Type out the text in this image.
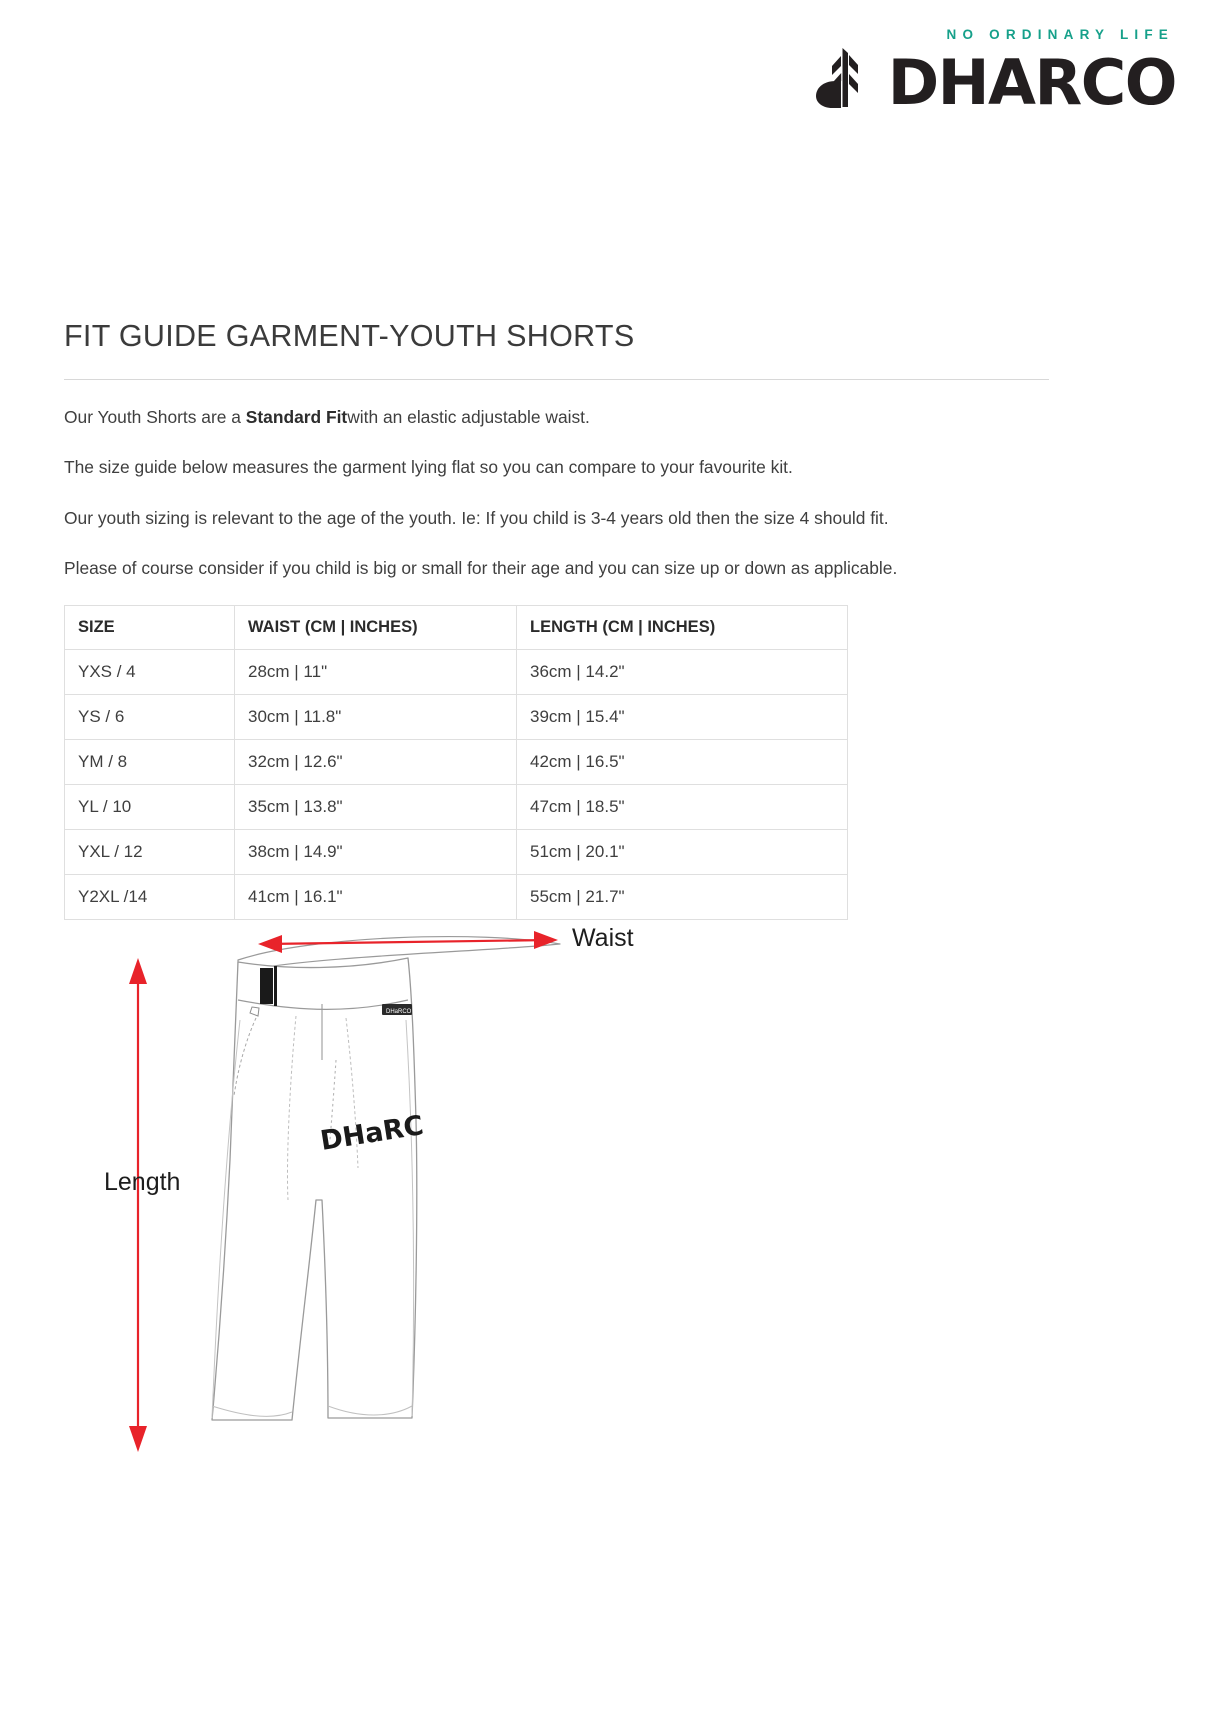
NO ORDINARY LIFE
DHARCO
FIT GUIDE GARMENT-YOUTH SHORTS

Our Youth Shorts are a Standard Fitwith an elastic adjustable waist.

The size guide below measures the garment lying flat so you can compare to your favourite kit.

Our youth sizing is relevant to the age of the youth. Ie: If you child is 3-4 years old then the size 4 should fit.

Please of course consider if you child is big or small for their age and you can size up or down as applicable.

SIZE	WAIST (CM | INCHES)	LENGTH (CM | INCHES)
YXS / 4	28cm | 11"	36cm | 14.2"
YS / 6	30cm | 11.8"	39cm | 15.4"
YM / 8	32cm | 12.6"	42cm | 16.5"
YL / 10	35cm | 13.8"	47cm | 18.5"
YXL / 12	38cm | 14.9"	51cm | 20.1"
Y2XL /14	41cm | 16.1"	55cm | 21.7"
DHaRCO
DHaRC
Waist
Length
